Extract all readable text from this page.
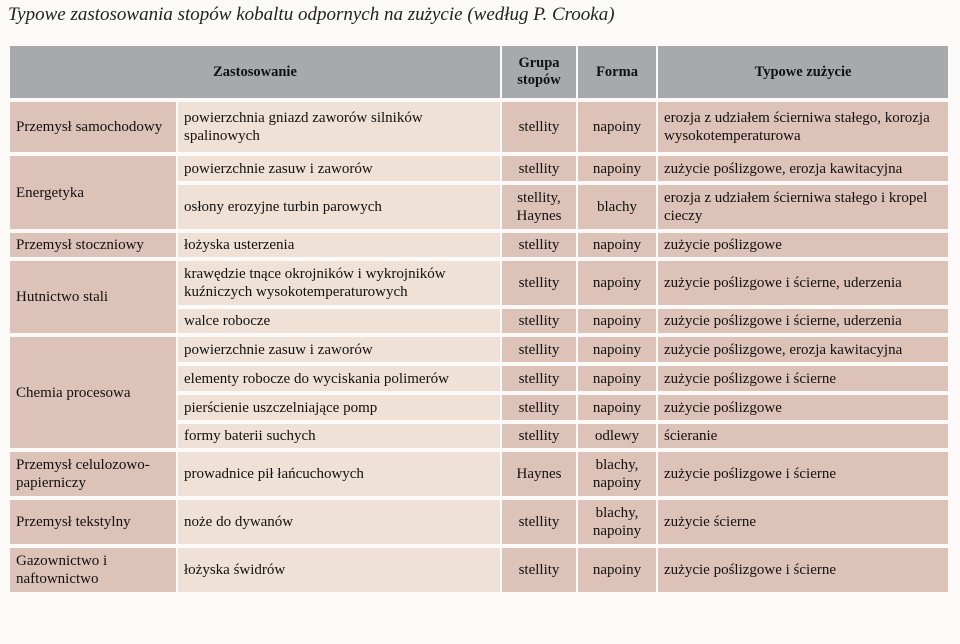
Typowe zastosowania stopów kobaltu odpornych na zużycie (według P. Crooka)
Zastosowanie		Grupa stopów	Forma	Typowe zużycie
Przemysł samochodowy	powierzchnia gniazd zaworów silników spalinowych	stellity	napoiny	erozja z udziałem ścierniwa stałego, korozja wysokotemperaturowa
Energetyka	powierzchnie zasuw i zaworów	stellity	napoiny	zużycie poślizgowe, erozja kawitacyjna
	osłony erozyjne turbin parowych	stellity, Haynes	blachy	erozja z udziałem ścierniwa stałego i kropel cieczy
Przemysł stoczniowy	łożyska usterzenia	stellity	napoiny	zużycie poślizgowe
Hutnictwo stali	krawędzie tnące okrojników i wykrojników kuźniczych wysokotemperaturowych	stellity	napoiny	zużycie poślizgowe i ścierne, uderzenia
	walce robocze	stellity	napoiny	zużycie poślizgowe i ścierne, uderzenia
Chemia procesowa	powierzchnie zasuw i zaworów	stellity	napoiny	zużycie poślizgowe, erozja kawitacyjna
	elementy robocze do wyciskania polimerów	stellity	napoiny	zużycie poślizgowe i ścierne
	pierścienie uszczelniające pomp	stellity	napoiny	zużycie poślizgowe
	formy baterii suchych	stellity	odlewy	ścieranie
Przemysł celulozowo-papierniczy	prowadnice pił łańcuchowych	Haynes	blachy, napoiny	zużycie poślizgowe i ścierne
Przemysł tekstylny	noże do dywanów	stellity	blachy, napoiny	zużycie ścierne
Gazownictwo i naftownictwo	łożyska świdrów	stellity	napoiny	zużycie poślizgowe i ścierne
